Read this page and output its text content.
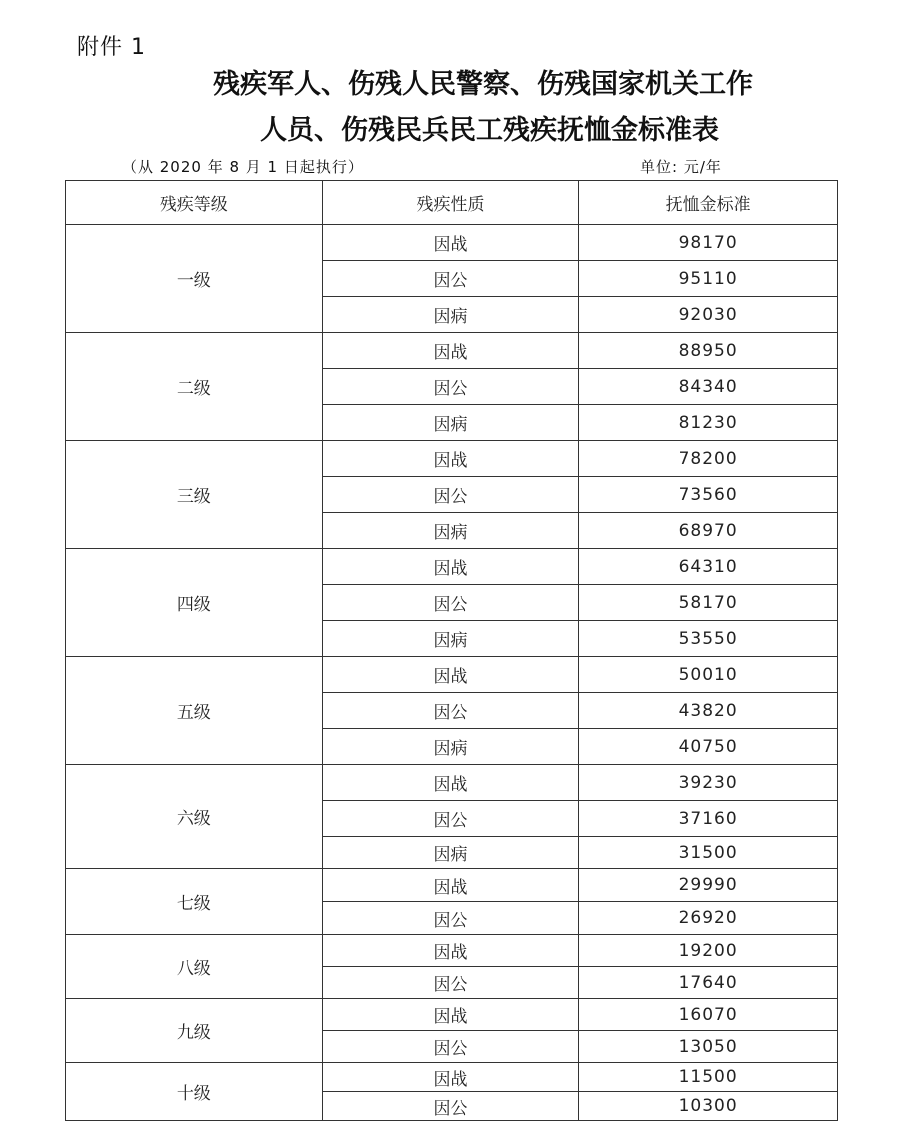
附件 1
残疾军人、伤残人民警察、伤残国家机关工作
人员、伤残民兵民工残疾抚恤金标准表
（从 2020 年 8 月 1 日起执行）	单位: 元/年
残疾等级	残疾性质	抚恤金标准
一级	因战	98170
	因公	95110
	因病	92030
二级	因战	88950
	因公	84340
	因病	81230
三级	因战	78200
	因公	73560
	因病	68970
四级	因战	64310
	因公	58170
	因病	53550
五级	因战	50010
	因公	43820
	因病	40750
六级	因战	39230
	因公	37160
	因病	31500
七级	因战	29990
	因公	26920
八级	因战	19200
	因公	17640
九级	因战	16070
	因公	13050
十级	因战	11500
	因公	10300
